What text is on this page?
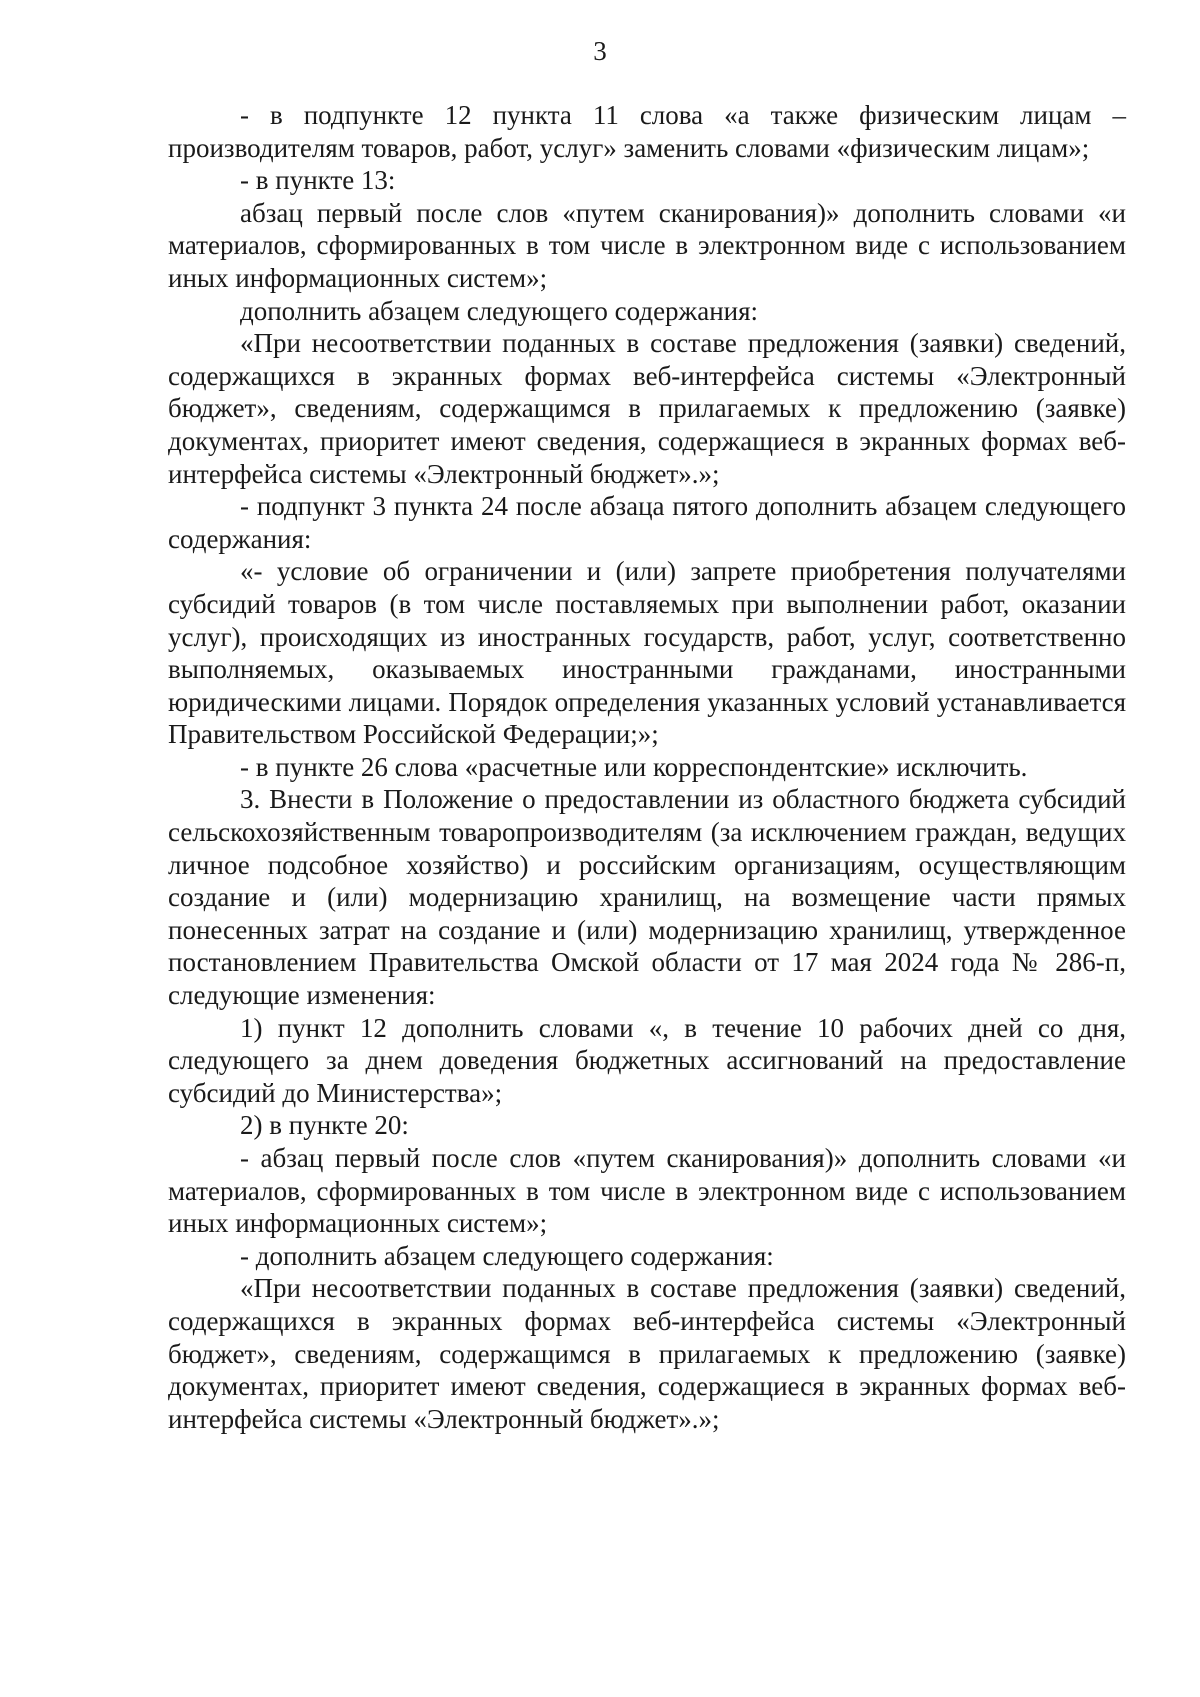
3

- в подпункте 12 пункта 11 слова «а также физическим лицам – производителям товаров, работ, услуг» заменить словами «физическим лицам»;

- в пункте 13:

абзац первый после слов «путем сканирования)» дополнить словами «и материалов, сформированных в том числе в электронном виде с использованием иных информационных систем»;

дополнить абзацем следующего содержания:

«При несоответствии поданных в составе предложения (заявки) сведений, содержащихся в экранных формах веб-интерфейса системы «Электронный бюджет», сведениям, содержащимся в прилагаемых к предложению (заявке) документах, приоритет имеют сведения, содержащиеся в экранных формах веб-интерфейса системы «Электронный бюджет».»;

- подпункт 3 пункта 24 после абзаца пятого дополнить абзацем следующего содержания:

«- условие об ограничении и (или) запрете приобретения получателями субсидий товаров (в том числе поставляемых при выполнении работ, оказании услуг), происходящих из иностранных государств, работ, услуг, соответственно выполняемых, оказываемых иностранными гражданами, иностранными юридическими лицами. Порядок определения указанных условий устанавливается Правительством Российской Федерации;»;

- в пункте 26 слова «расчетные или корреспондентские» исключить.

3. Внести в Положение о предоставлении из областного бюджета субсидий сельскохозяйственным товаропроизводителям (за исключением граждан, ведущих личное подсобное хозяйство) и российским организациям, осуществляющим создание и (или) модернизацию хранилищ, на возмещение части прямых понесенных затрат на создание и (или) модернизацию хранилищ, утвержденное постановлением Правительства Омской области от 17 мая 2024 года № 286-п, следующие изменения:

1) пункт 12 дополнить словами «, в течение 10 рабочих дней со дня, следующего за днем доведения бюджетных ассигнований на предоставление субсидий до Министерства»;

2) в пункте 20:

- абзац первый после слов «путем сканирования)» дополнить словами «и материалов, сформированных в том числе в электронном виде с использованием иных информационных систем»;

- дополнить абзацем следующего содержания:

«При несоответствии поданных в составе предложения (заявки) сведений, содержащихся в экранных формах веб-интерфейса системы «Электронный бюджет», сведениям, содержащимся в прилагаемых к предложению (заявке) документах, приоритет имеют сведения, содержащиеся в экранных формах веб-интерфейса системы «Электронный бюджет».»;
